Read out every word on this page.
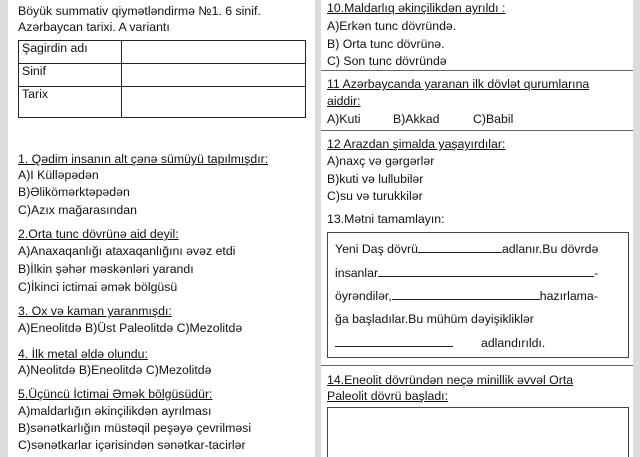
Böyük summativ qiymətləndirmə №1. 6 sinif.
Azərbaycan tarixi. A variantı
Şagirdin adı	
Sinif	
Tarix	
1. Qədim insanın alt çənə sümüyü tapılmışdır:
A)I Külləpədən
B)Əlikömərktəpədən
C)Azıx mağarasından
2.Orta tunc dövrünə aid deyil:
A)Anaxaqanlığı ataxaqanlığını əvəz etdi
B)İlkin şəhər məskənləri yarandı
C)İkinci ictimai əmək bölgüsü
3. Ox və kaman yaranmışdı:
A)Eneolitdə B)Üst Paleolitdə C)Mezolitdə
4. İlk metal əldə olundu:
A)Neolitdə B)Eneolitdə C)Mezolitdə
5.Üçüncü İctimai Əmək bölgüsüdür:
A)maldarlığın əkinçilikdən ayrılması
B)sənətkarlığın müstəqil peşəyə çevrilməsi
C)sənətkarlar içərisindən sənətkar-tacirlər
10.Maldarlıq əkinçilikdən ayrıldı :
A)Erkən tunc dövründə.
B) Orta tunc dövrünə.
C) Son tunc dövründə
11 Azərbaycanda yaranan ilk dövlət qurumlarına
aiddir:
A)Kuti	B)Akkad	C)Babil
12 Arazdan şimalda yaşayırdılar:
A)naxç və gərgərlər
B)kuti və lullubilər
C)su və turukkilər
13.Mətni tamamlayın:
Yeni Daş dövrü	adlanır.Bu dövrdə
insanlar	-
öyrəndilər,	hazırlama-
ğa başladılar.Bu mühüm dəyişikliklər
adlandırıldı.
14.Eneolit dövründən neçə minillik əvvəl Orta
Paleolit dövrü başladı:
